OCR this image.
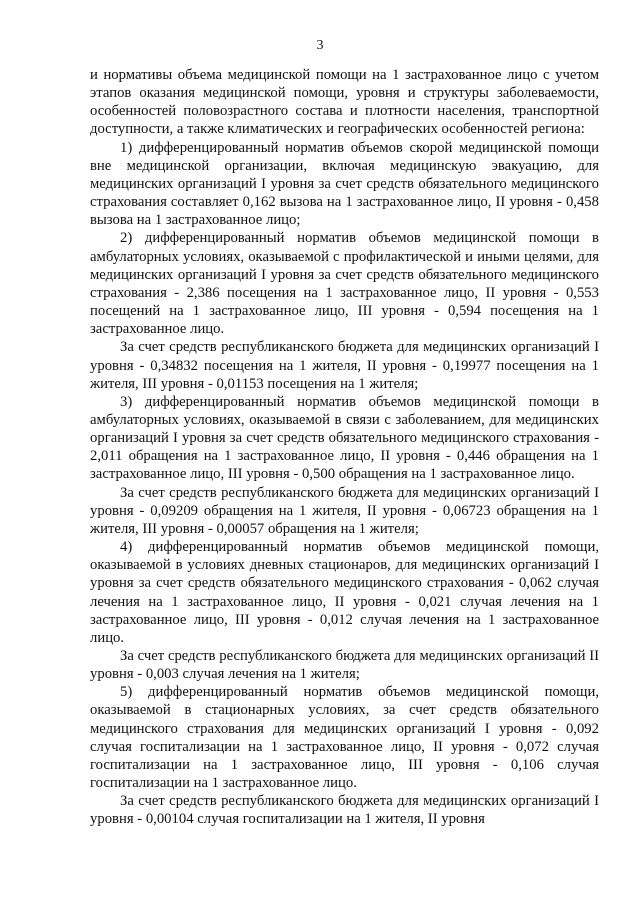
3

и нормативы объема медицинской помощи на 1 застрахованное лицо с учетом этапов оказания медицинской помощи, уровня и структуры заболеваемости, особенностей половозрастного состава и плотности населения, транспортной доступности, а также климатических и географических особенностей региона:

1) дифференцированный норматив объемов скорой медицинской помощи вне медицинской организации, включая медицинскую эвакуацию, для медицинских организаций I уровня за счет средств обязательного медицинского страхования составляет 0,162 вызова на 1 застрахованное лицо, II уровня - 0,458 вызова на 1 застрахованное лицо;

2) дифференцированный норматив объемов медицинской помощи в амбулаторных условиях, оказываемой с профилактической и иными целями, для медицинских организаций I уровня за счет средств обязательного медицинского страхования - 2,386 посещения на 1 застрахованное лицо, II уровня - 0,553 посещений на 1 застрахованное лицо, III уровня - 0,594 посещения на 1 застрахованное лицо.

За счет средств республиканского бюджета для медицинских организаций I уровня - 0,34832 посещения на 1 жителя, II уровня - 0,19977 посещения на 1 жителя, III уровня - 0,01153 посещения на 1 жителя;

3) дифференцированный норматив объемов медицинской помощи в амбулаторных условиях, оказываемой в связи с заболеванием, для медицинских организаций I уровня за счет средств обязательного медицинского страхования - 2,011 обращения на 1 застрахованное лицо, II уровня - 0,446 обращения на 1 застрахованное лицо, III уровня - 0,500 обращения на 1 застрахованное лицо.

За счет средств республиканского бюджета для медицинских организаций I уровня - 0,09209 обращения на 1 жителя, II уровня - 0,06723 обращения на 1 жителя, III уровня - 0,00057 обращения на 1 жителя;

4) дифференцированный норматив объемов медицинской помощи, оказываемой в условиях дневных стационаров, для медицинских организаций I уровня за счет средств обязательного медицинского страхования - 0,062 случая лечения на 1 застрахованное лицо, II уровня - 0,021 случая лечения на 1 застрахованное лицо, III уровня - 0,012 случая лечения на 1 застрахованное лицо.

За счет средств республиканского бюджета для медицинских организаций II уровня - 0,003 случая лечения на 1 жителя;

5) дифференцированный норматив объемов медицинской помощи, оказываемой в стационарных условиях, за счет средств обязательного медицинского страхования для медицинских организаций I уровня - 0,092 случая госпитализации на 1 застрахованное лицо, II уровня - 0,072 случая госпитализации на 1 застрахованное лицо, III уровня - 0,106 случая госпитализации на 1 застрахованное лицо.

За счет средств республиканского бюджета для медицинских организаций I уровня - 0,00104 случая госпитализации на 1 жителя, II уровня
